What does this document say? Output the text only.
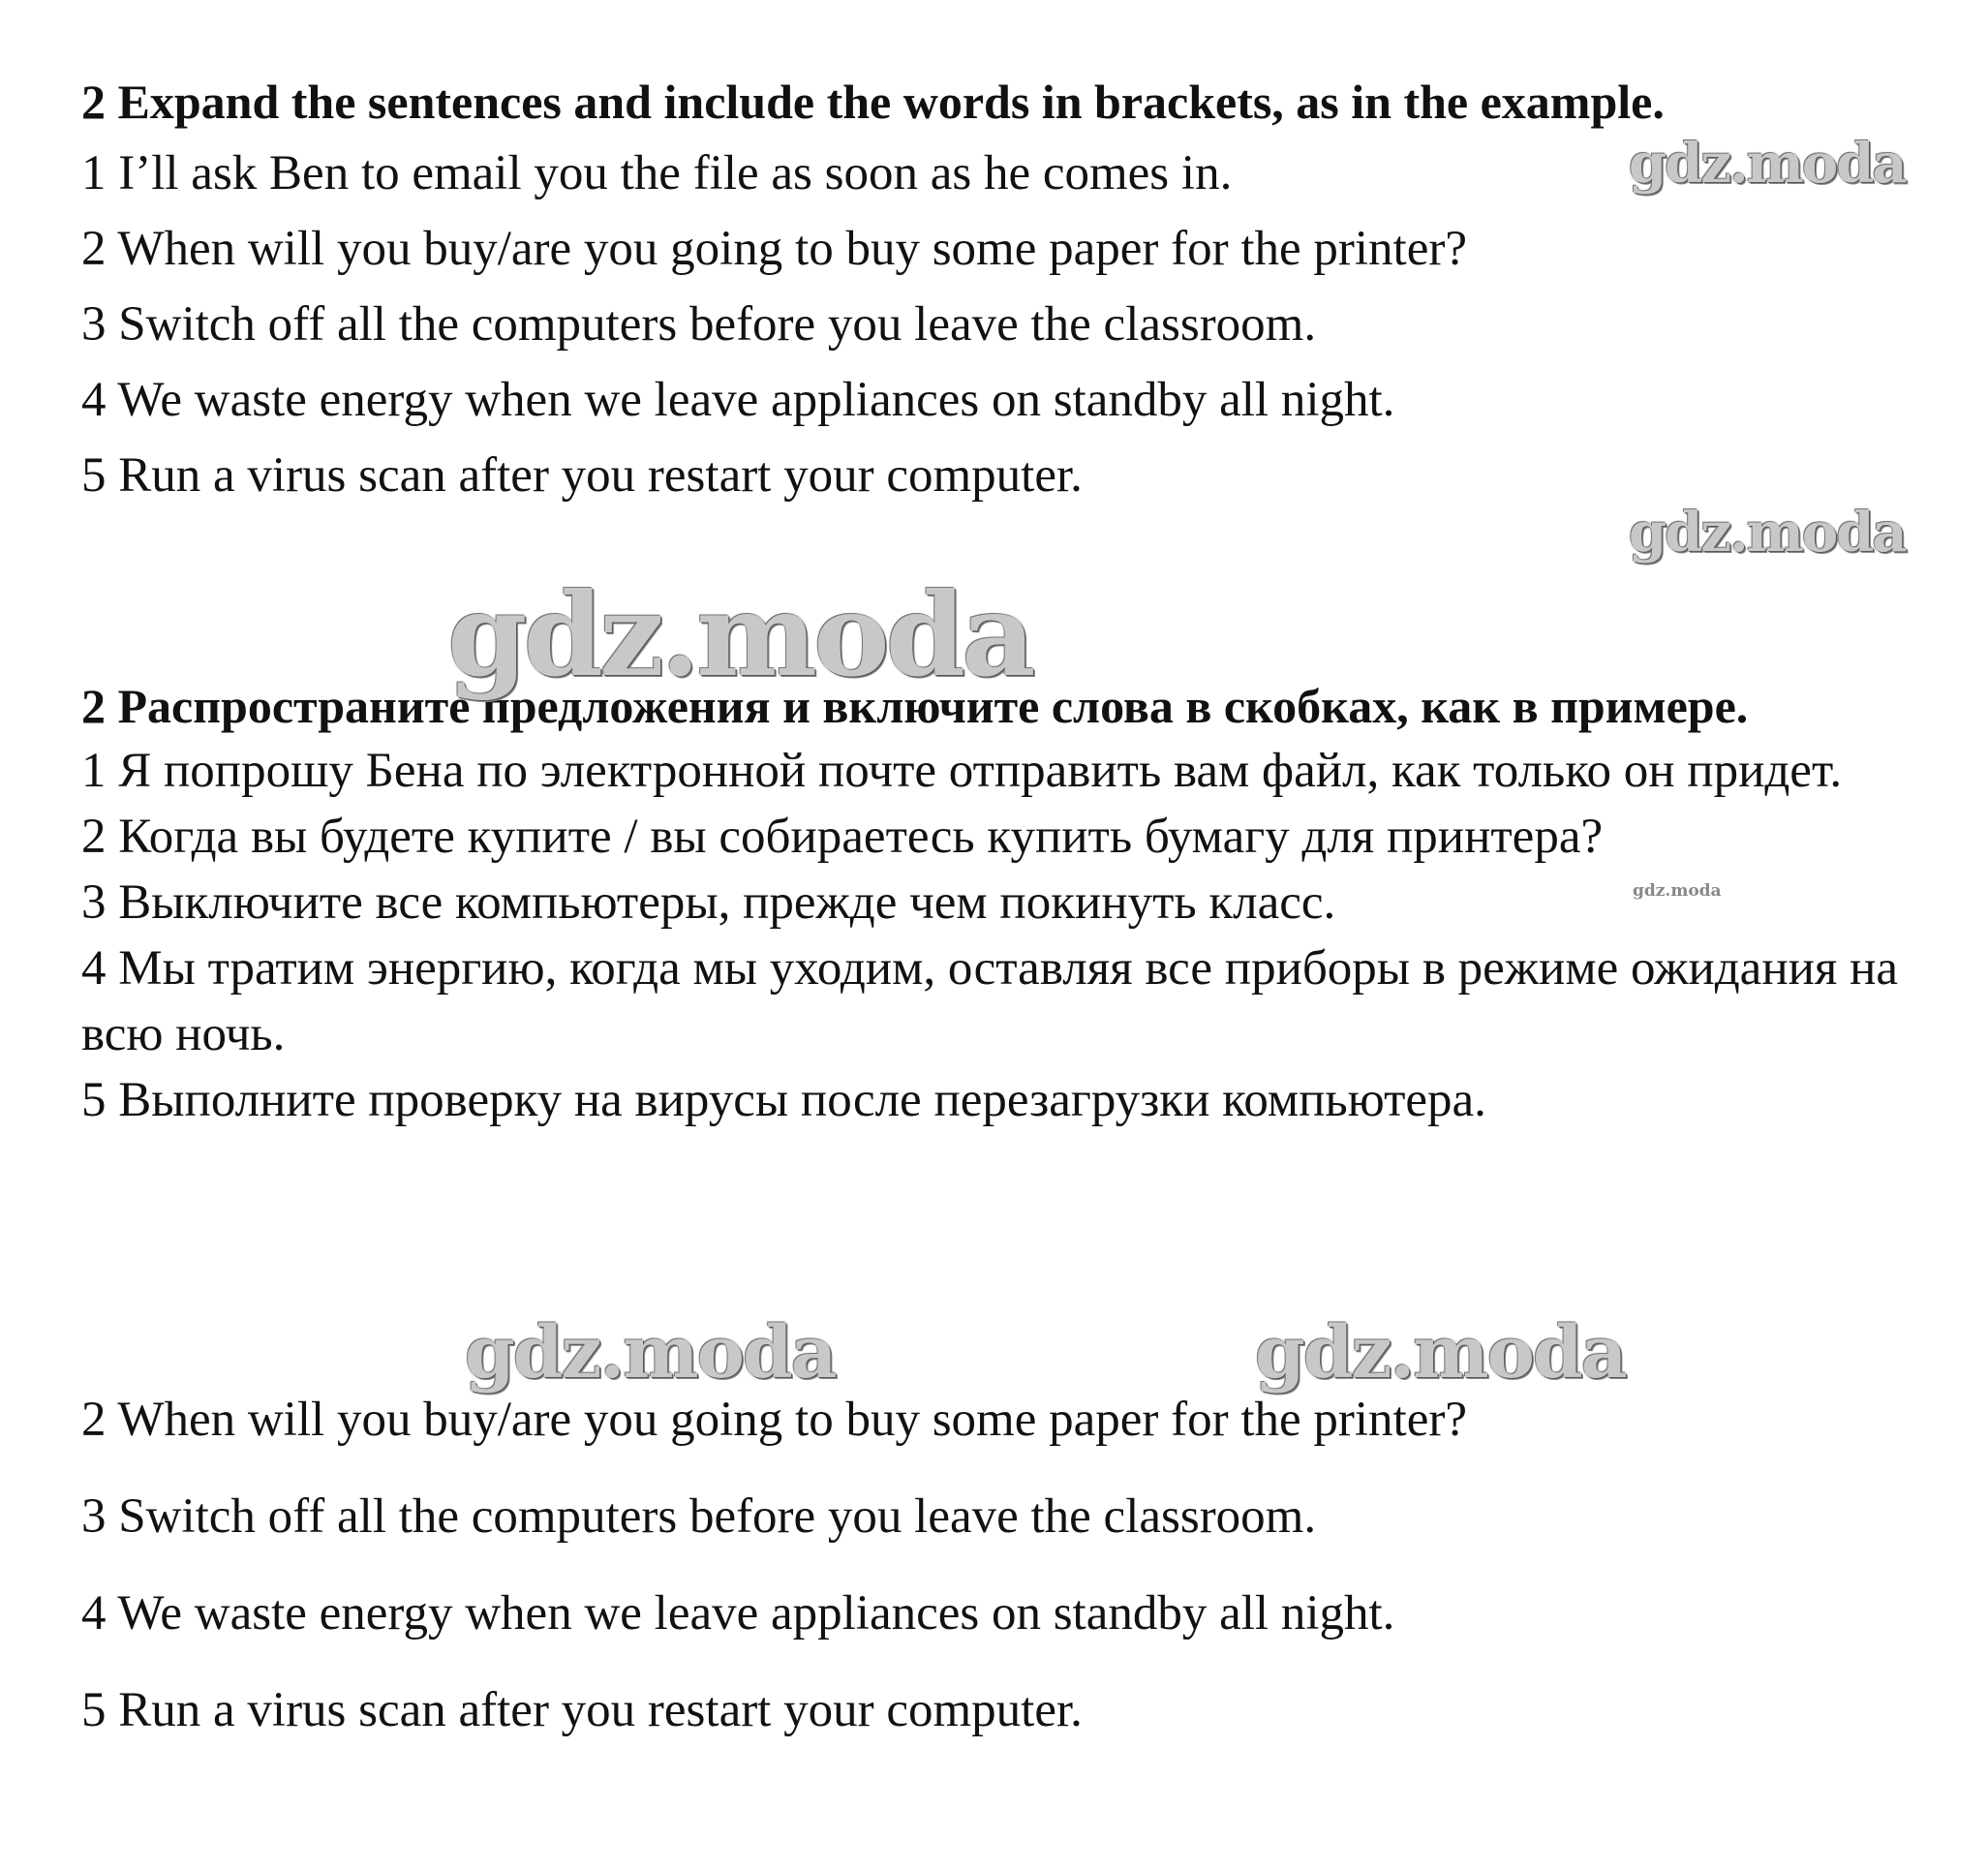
2 Expand the sentences and include the words in brackets, as in the example.

1 I’ll ask Ben to email you the file as soon as he comes in.

2 When will you buy/are you going to buy some paper for the printer?

3 Switch off all the computers before you leave the classroom.

4 We waste energy when we leave appliances on standby all night.

5 Run a virus scan after you restart your computer.

2 Распространите предложения и включите слова в скобках, как в примере.

1 Я попрошу Бена по электронной почте отправить вам файл, как только он придет.

2 Когда вы будете купите / вы собираетесь купить бумагу для принтера?

3 Выключите все компьютеры, прежде чем покинуть класс.

4 Мы тратим энергию, когда мы уходим, оставляя все приборы в режиме ожидания на всю ночь.

5 Выполните проверку на вирусы после перезагрузки компьютера.

2 When will you buy/are you going to buy some paper for the printer?

3 Switch off all the computers before you leave the classroom.

4 We waste energy when we leave appliances on standby all night.

5 Run a virus scan after you restart your computer.

gdz.moda
gdz.moda
gdz.moda
gdz.moda
gdz.moda	gdz.moda
